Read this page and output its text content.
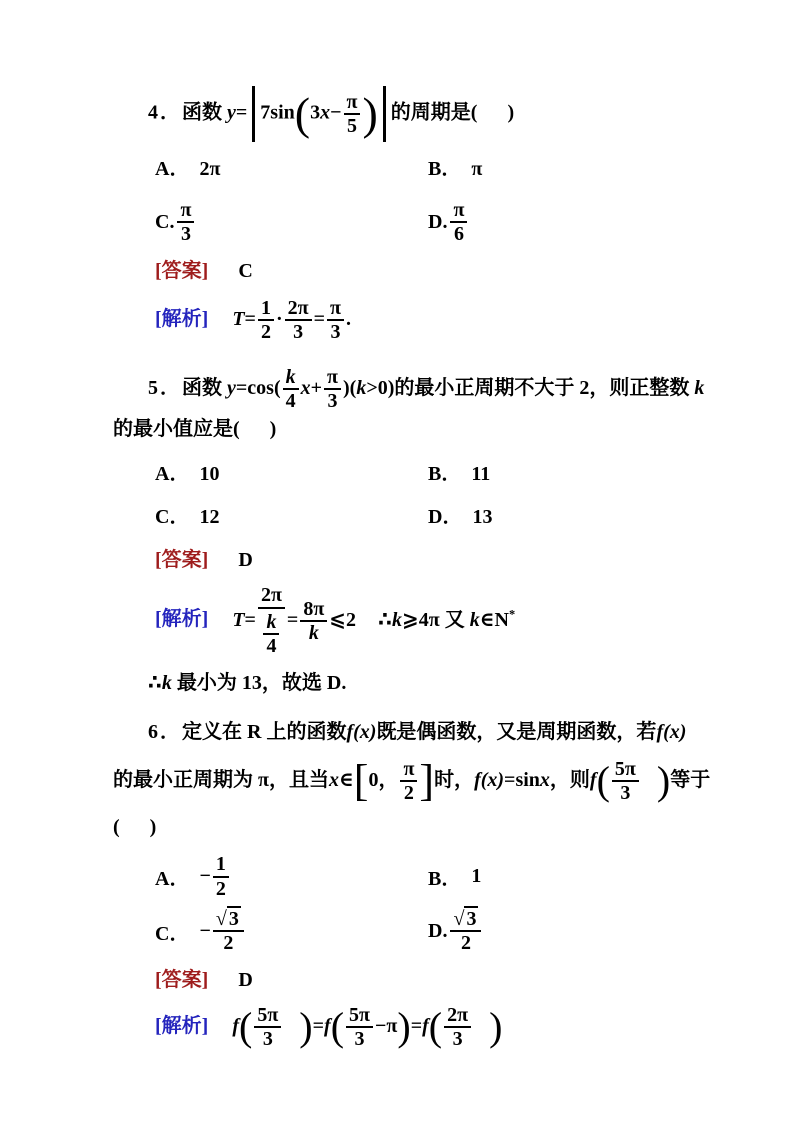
4．函数 $y= 7\sin(3x- \frac{\pi}{5}$ ) 的周期是(      )

A． 2π	B． π
C. $\frac{\pi}{3}$	D. $\frac{\pi}{6}$

[答案] C

[解析] $T= \frac{1}{2} \cdot \frac{2\pi}{3} = \frac{\pi}{3}$ .

5．函数 $y=\cos( \frac{k}{4} x+ \frac{\pi}{3} )(k>0)$的最小正周期不大于 2，则正整数 k

的最小值应是(      )

A． 10	B． 11
C． 12	D． 13

[答案] D

[解析] $T= \frac{2\pi}{\frac{k}{4}} = \frac{8\pi}{k}$ ⩽2 ∴k⩾4π 又 k∈N*

∴k 最小为 13，故选 D.

6．定义在 R 上的函数f(x)既是偶函数，又是周期函数，若f(x)

的最小正周期为 π，且当x∈[0， $\frac{\pi}{2}$ ]时，f(x)=sinx，则$f( \frac{5\pi}{3}$ )等于

(      )

A． − $\frac{1}{2}$	B． 1
C． − $\frac{√ 3}{2}$	D. $\frac{√ 3}{2}$

[答案] D

[解析] $f( \frac{5\pi}{3} )=f( \frac{5\pi}{3} -\pi)=f( \frac{2\pi}{3}$ )
